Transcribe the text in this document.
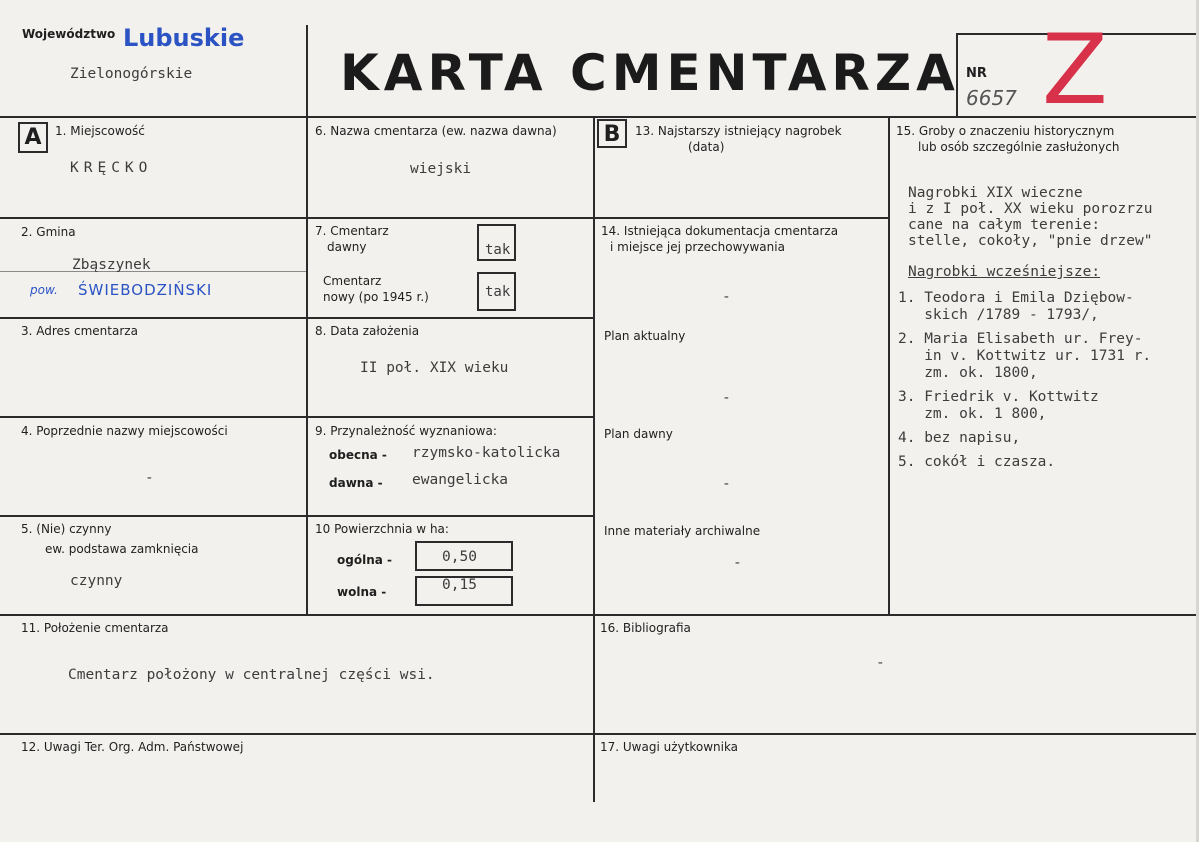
Województwo Lubuskie
Zielonogórskie	KARTA CMENTARZA NR
6657 Z
A	B
1. Miejscowość
KRĘCKO
2. Gmina
Zbąszynek
pow. ŚWIEBODZIŃSKI
3. Adres cmentarza
4. Poprzednie nazwy miejscowości
-
5. (Nie) czynny
ew. podstawa zamknięcia
czynny
6. Nazwa cmentarza (ew. nazwa dawna)
wiejski
7. Cmentarz
dawny	tak
Cmentarz
nowy (po 1945 r.)	tak
8. Data założenia
II poł. XIX wieku
9. Przynależność wyznaniowa:
obecna - rzymsko-katolicka
dawna - ewangelicka
10 Powierzchnia w ha:
ogólna -	0,50
wolna -	0,15
11. Położenie cmentarza
Cmentarz położony w centralnej części wsi.
12. Uwagi Ter. Org. Adm. Państwowej
13. Najstarszy istniejący nagrobek
(data)
14. Istniejąca dokumentacja cmentarza
i miejsce jej przechowywania
-
Plan aktualny
-
Plan dawny
-
Inne materiały archiwalne
-
15. Groby o znaczeniu historycznym
lub osób szczególnie zasłużonych
Nagrobki XIX wieczne
i z I poł. XX wieku porozrzu
cane na całym terenie:
stelle, cokoły, "pnie drzew"
Nagrobki wcześniejsze:
1. Teodora i Emila Dziębow-
skich /1789 - 1793/,
2. Maria Elisabeth ur. Frey-
in v. Kottwitz ur. 1731 r.
zm. ok. 1800,
3. Friedrik v. Kottwitz
zm. ok. 1 800,
4. bez napisu,
5. cokół i czasza.
16. Bibliografia
-
17. Uwagi użytkownika
